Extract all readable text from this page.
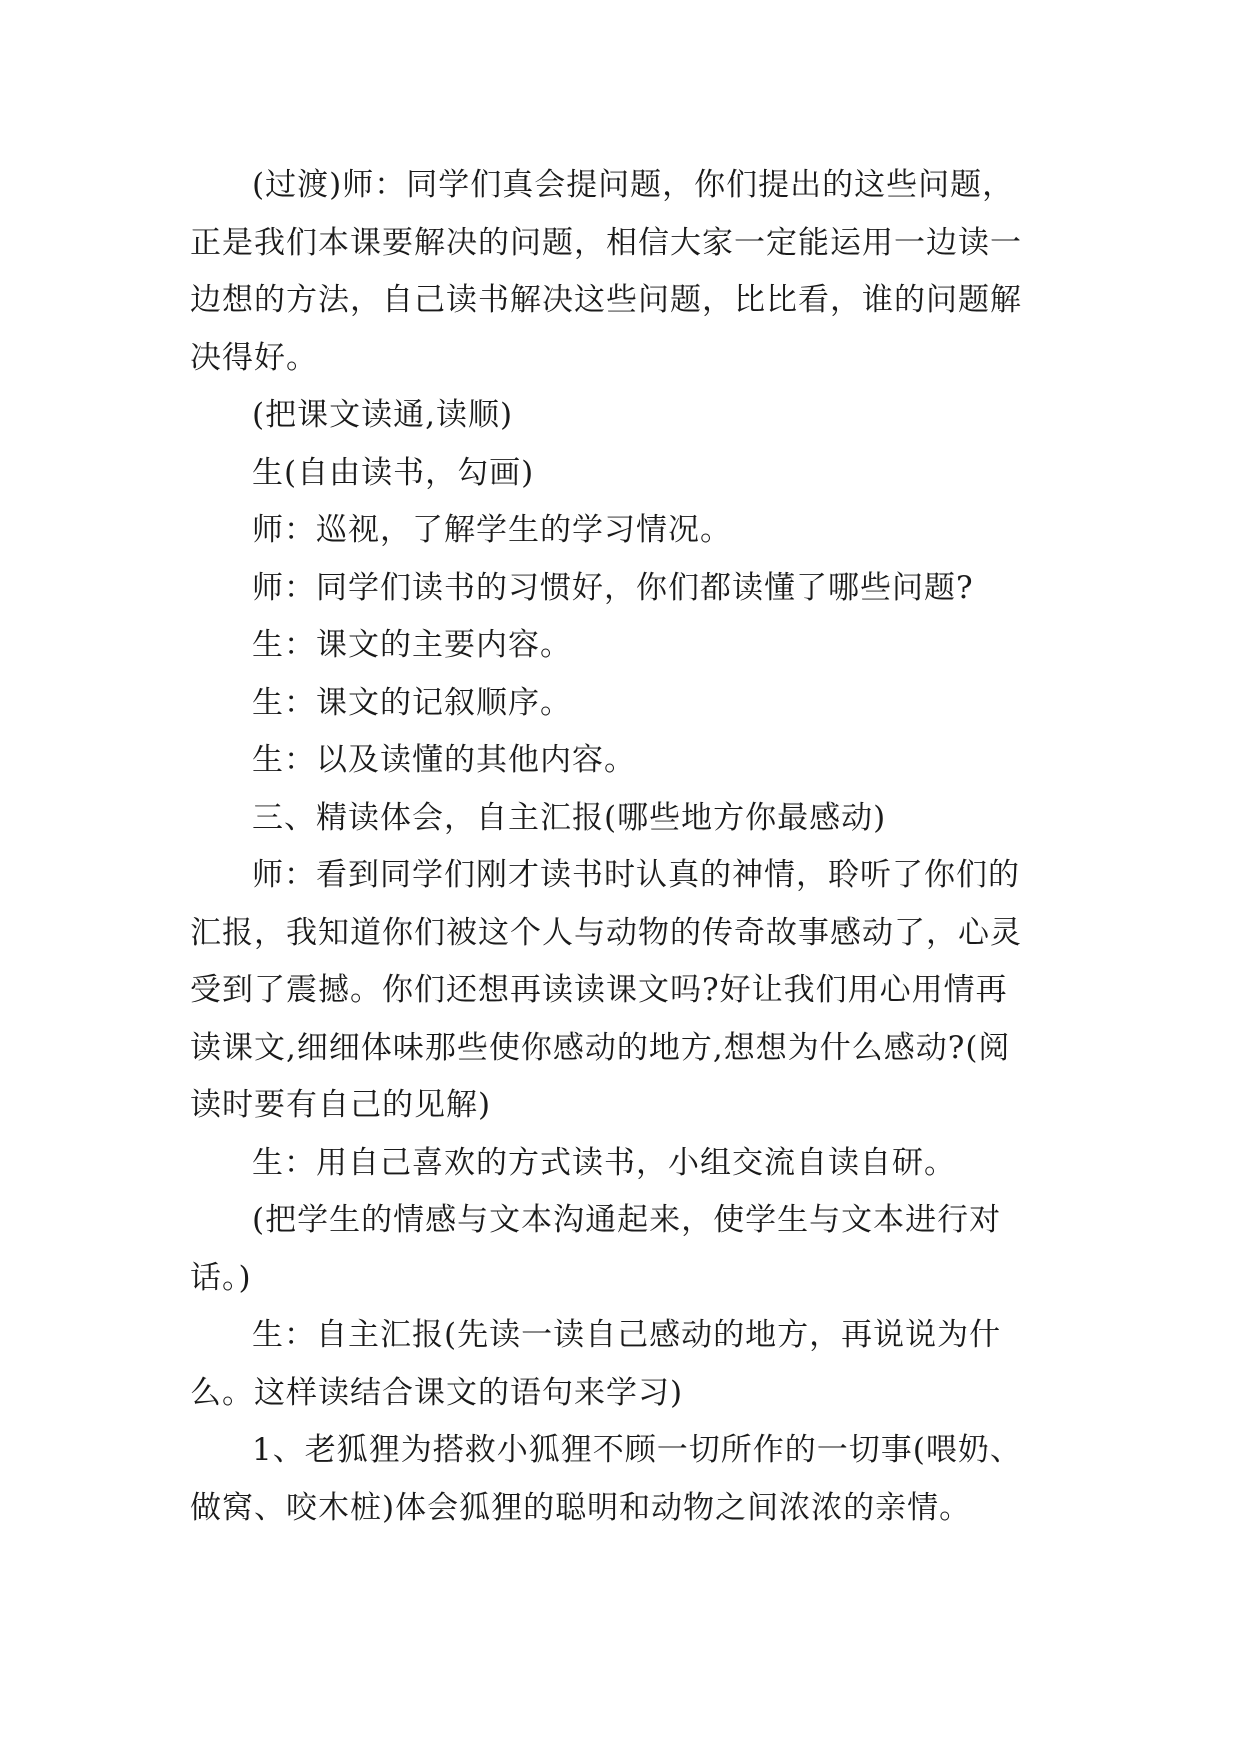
(过渡)师：同学们真会提问题，你们提出的这些问题，
正是我们本课要解决的问题，相信大家一定能运用一边读一
边想的方法，自己读书解决这些问题，比比看，谁的问题解
决得好。

(把课文读通,读顺)

生(自由读书，勾画)

师：巡视，了解学生的学习情况。

师：同学们读书的习惯好，你们都读懂了哪些问题?

生：课文的主要内容。

生：课文的记叙顺序。

生：以及读懂的其他内容。

三、精读体会，自主汇报(哪些地方你最感动)

师：看到同学们刚才读书时认真的神情，聆听了你们的
汇报，我知道你们被这个人与动物的传奇故事感动了，心灵
受到了震撼。你们还想再读读课文吗?好让我们用心用情再
读课文,细细体味那些使你感动的地方,想想为什么感动?(阅
读时要有自己的见解)

生：用自己喜欢的方式读书，小组交流自读自研。

(把学生的情感与文本沟通起来，使学生与文本进行对
话。)

生：自主汇报(先读一读自己感动的地方，再说说为什
么。这样读结合课文的语句来学习)

1、老狐狸为搭救小狐狸不顾一切所作的一切事(喂奶、
做窝、咬木桩)体会狐狸的聪明和动物之间浓浓的亲情。
